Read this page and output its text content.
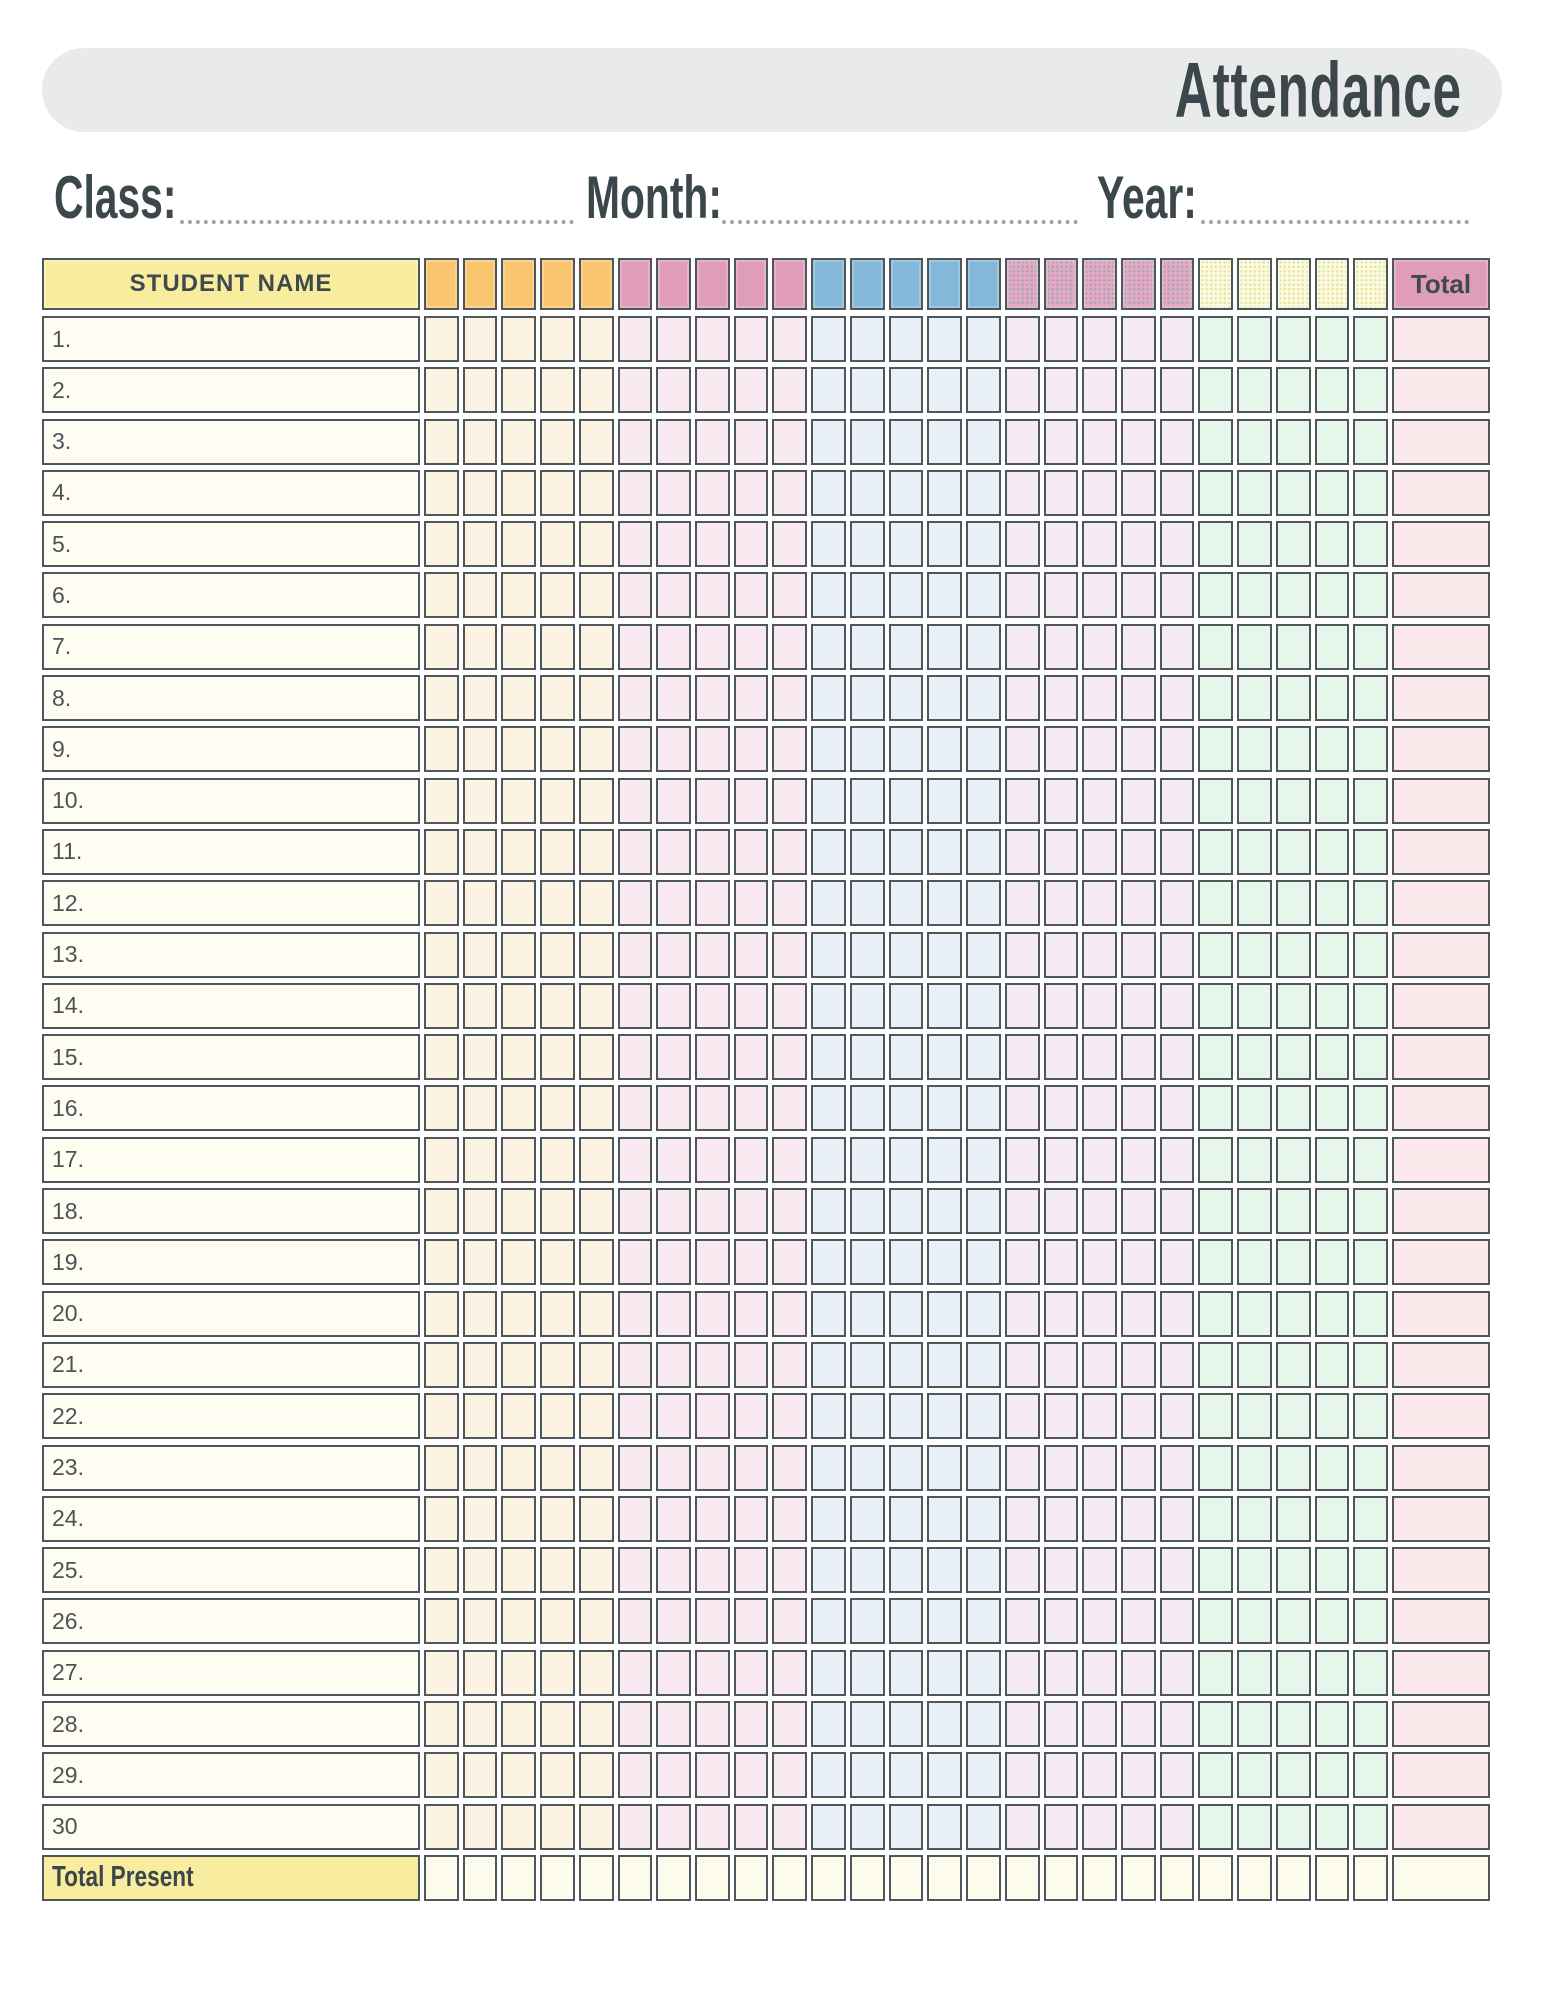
Attendance
Class:	Month:	Year:
STUDENT NAME	Total
1.
2.
3.
4.
5.
6.
7.
8.
9.
10.
11.
12.
13.
14.
15.
16.
17.
18.
19.
20.
21.
22.
23.
24.
25.
26.
27.
28.
29.
30
Total Present
